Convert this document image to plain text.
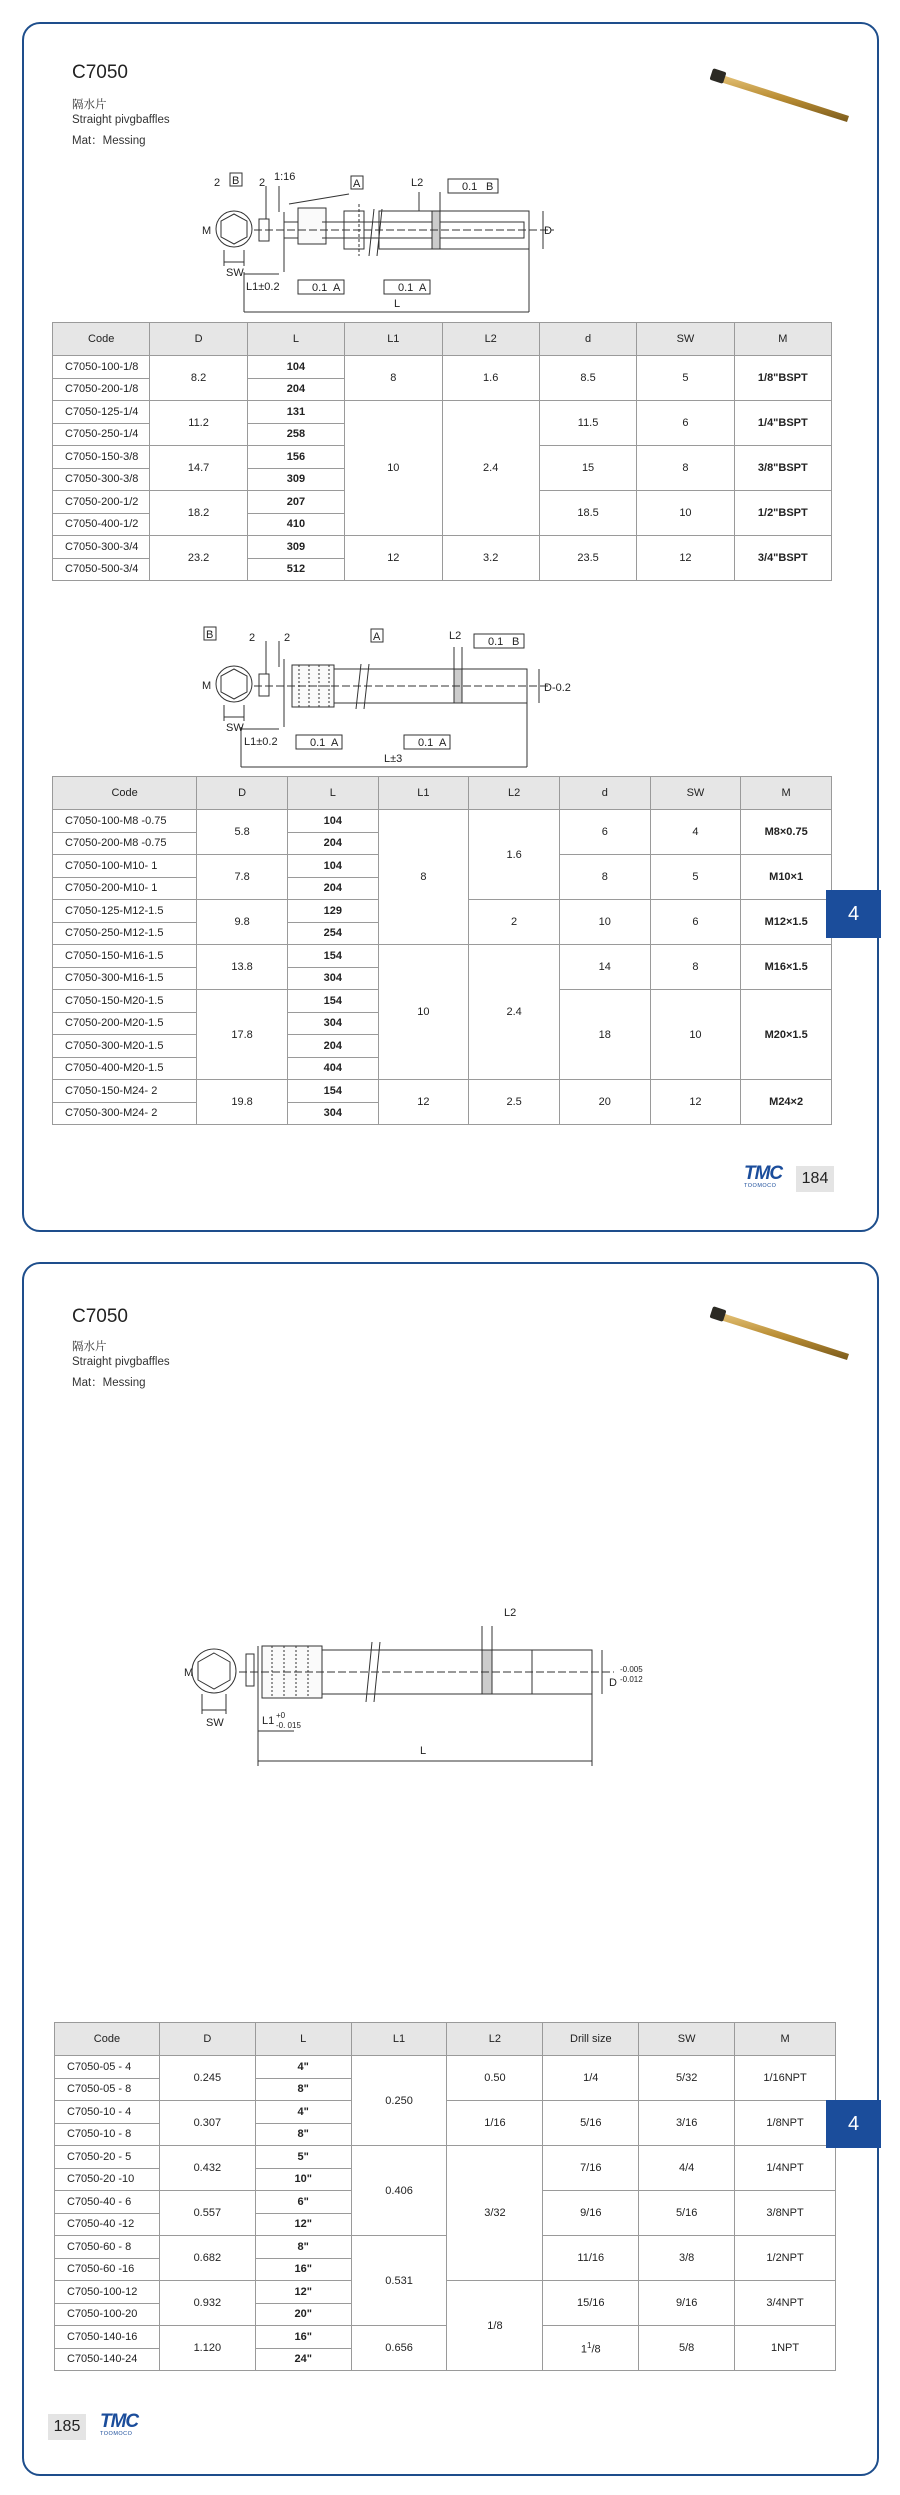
C7050
隔水片
Straight pivgbaffles
Mat：Messing
2 B 2 1:16
A	L2	0.1 B
M
SW
L1±0.2	0.1 A	0.1 A
L
D
Code	D	L	L1	L2	d	SW	M
C7050-100-1/8	8.2	104	8	1.6	8.5	5	1/8"BSPT
C7050-200-1/8		204					
C7050-125-1/4	11.2	131	10	2.4	11.5	6	1/4"BSPT
C7050-250-1/4		258					
C7050-150-3/8	14.7	156			15	8	3/8"BSPT
C7050-300-3/8		309					
C7050-200-1/2	18.2	207			18.5	10	1/2"BSPT
C7050-400-1/2		410					
C7050-300-3/4	23.2	309	12	3.2	23.5	12	3/4"BSPT
C7050-500-3/4		512					
2
B	2	A	L2 0.1 B
M
SW
L1±0.2	0.1 A	0.1 A
L±3
D-0.2
Code	D	L	L1	L2	d	SW	M
C7050-100-M8 -0.75	5.8	104	8	1.6	6	4	M8×0.75
C7050-200-M8 -0.75		204					
C7050-100-M10- 1	7.8	104			8	5	M10×1
C7050-200-M10- 1		204					
C7050-125-M12-1.5	9.8	129		2	10	6	M12×1.5
C7050-250-M12-1.5		254					
C7050-150-M16-1.5	13.8	154	10	2.4	14	8	M16×1.5
C7050-300-M16-1.5		304					
C7050-150-M20-1.5	17.8	154			18	10	M20×1.5
C7050-200-M20-1.5		304					
C7050-300-M20-1.5		204					
C7050-400-M20-1.5		404					
C7050-150-M24- 2	19.8	154	12	2.5	20	12	M24×2
C7050-300-M24- 2		304					
TMC
TOOMOCO	184
4
C7050
隔水片
Straight pivgbaffles
Mat：Messing
L2
M
SW	L1 +0
-0. 015
L
D
-0.005
-0.012
Code	D	L	L1	L2	Drill size	SW	M
C7050-05 - 4	0.245	4"	0.250	0.50	1/4	5/32	1/16NPT
C7050-05 - 8		8"					
C7050-10 - 4	0.307	4"		1/16	5/16	3/16	1/8NPT
C7050-10 - 8		8"					
C7050-20 - 5	0.432	5"	0.406	3/32	7/16	4/4	1/4NPT
C7050-20 -10		10"					
C7050-40 - 6	0.557	6"			9/16	5/16	3/8NPT
C7050-40 -12		12"					
C7050-60 - 8	0.682	8"	0.531		11/16	3/8	1/2NPT
C7050-60 -16		16"					
C7050-100-12	0.932	12"		1/8	15/16	9/16	3/4NPT
C7050-100-20		20"					
C7050-140-16	1.120	16"	0.656		$1^1/8$	5/8	1NPT
C7050-140-24		24"					
185 TMC
TOOMOCO
4
